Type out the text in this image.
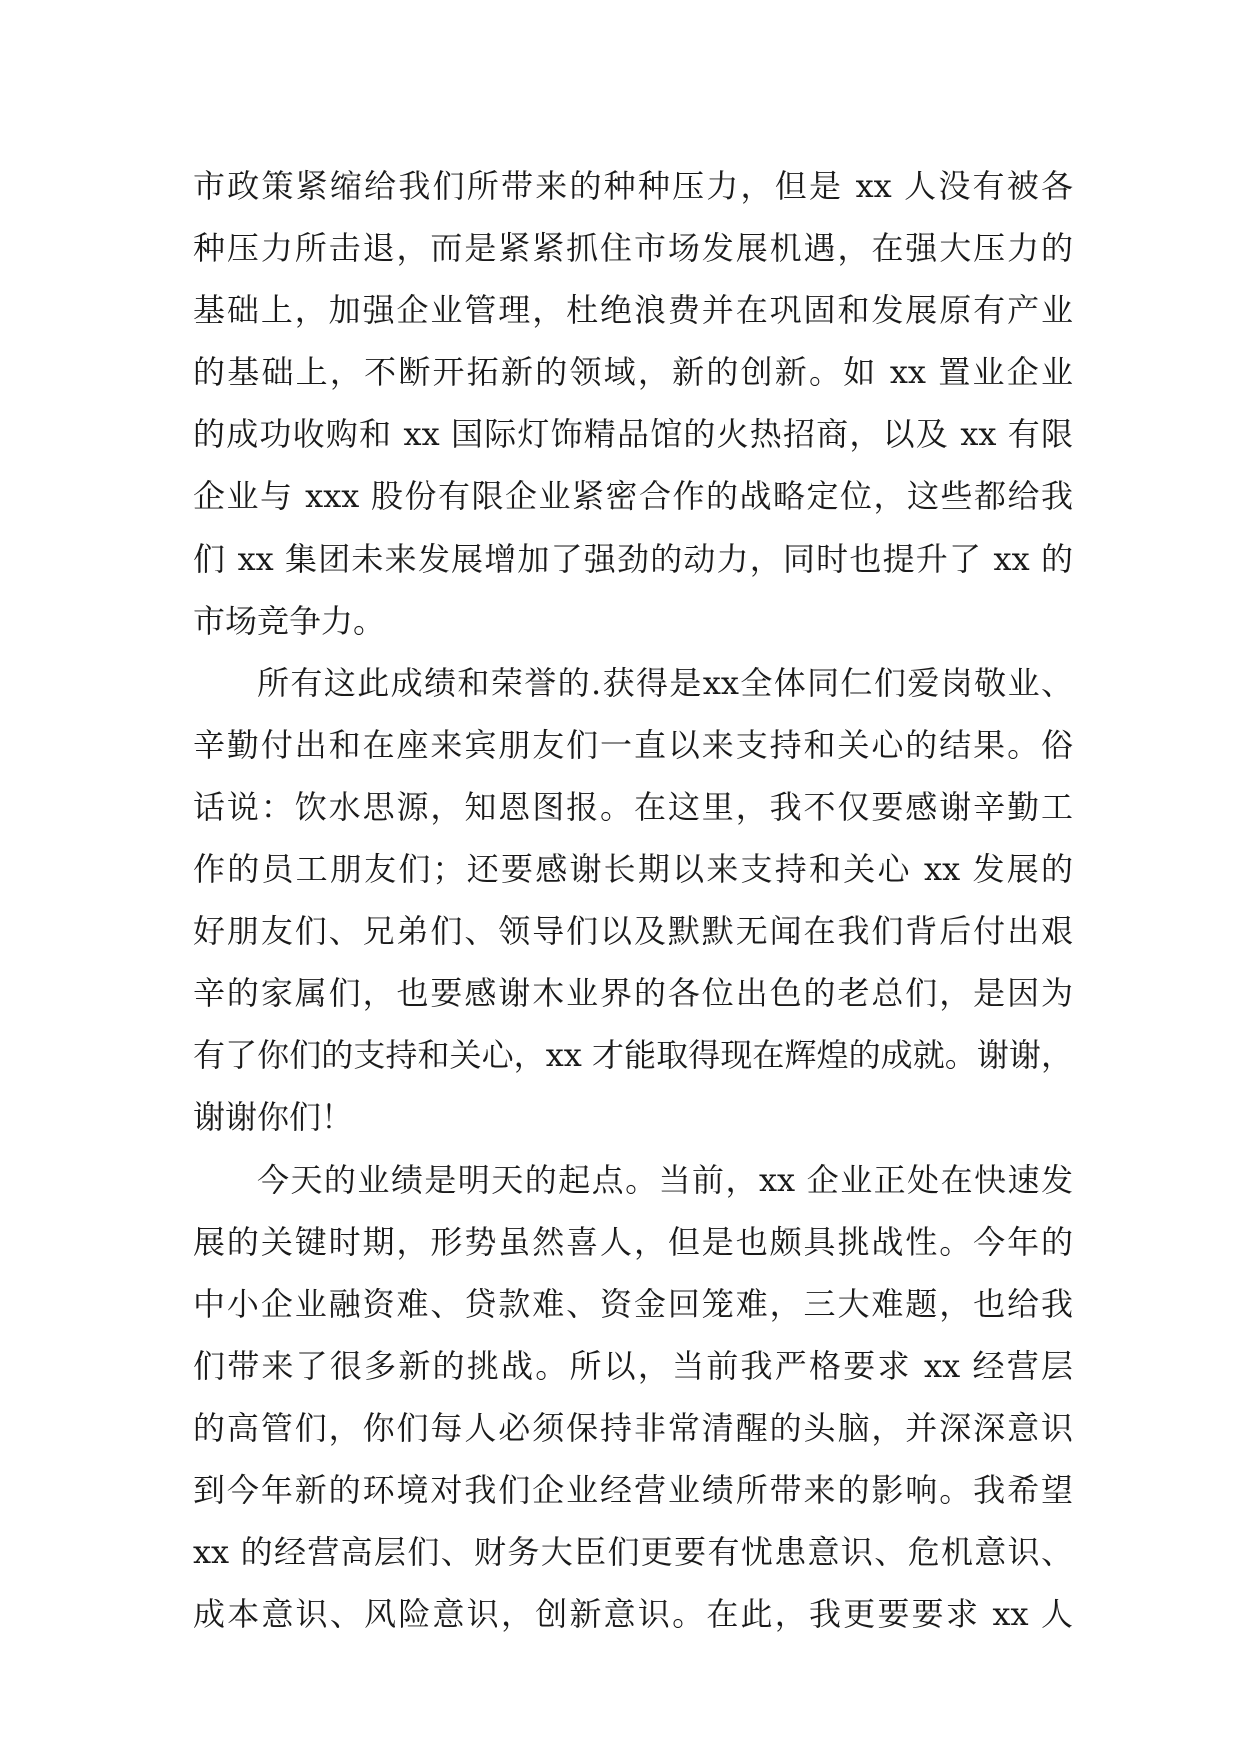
市政策紧缩给我们所带来的种种压力，但是 xx 人没有被各
种压力所击退，而是紧紧抓住市场发展机遇，在强大压力的
基础上，加强企业管理，杜绝浪费并在巩固和发展原有产业
的基础上，不断开拓新的领域，新的创新。如 xx 置业企业
的成功收购和 xx 国际灯饰精品馆的火热招商，以及 xx 有限
企业与 xxx 股份有限企业紧密合作的战略定位，这些都给我
们 xx 集团未来发展增加了强劲的动力，同时也提升了 xx 的
市场竞争力。
所有这此成绩和荣誉的.获得是xx全体同仁们爱岗敬业、
辛勤付出和在座来宾朋友们一直以来支持和关心的结果。俗
话说：饮水思源，知恩图报。在这里，我不仅要感谢辛勤工
作的员工朋友们；还要感谢长期以来支持和关心 xx 发展的
好朋友们、兄弟们、领导们以及默默无闻在我们背后付出艰
辛的家属们，也要感谢木业界的各位出色的老总们，是因为
有了你们的支持和关心，xx 才能取得现在辉煌的成就。谢谢，
谢谢你们！
今天的业绩是明天的起点。当前，xx 企业正处在快速发
展的关键时期，形势虽然喜人，但是也颇具挑战性。今年的
中小企业融资难、贷款难、资金回笼难，三大难题，也给我
们带来了很多新的挑战。所以，当前我严格要求 xx 经营层
的高管们，你们每人必须保持非常清醒的头脑，并深深意识
到今年新的环境对我们企业经营业绩所带来的影响。我希望
xx 的经营高层们、财务大臣们更要有忧患意识、危机意识、
成本意识、风险意识，创新意识。在此，我更要要求 xx 人
